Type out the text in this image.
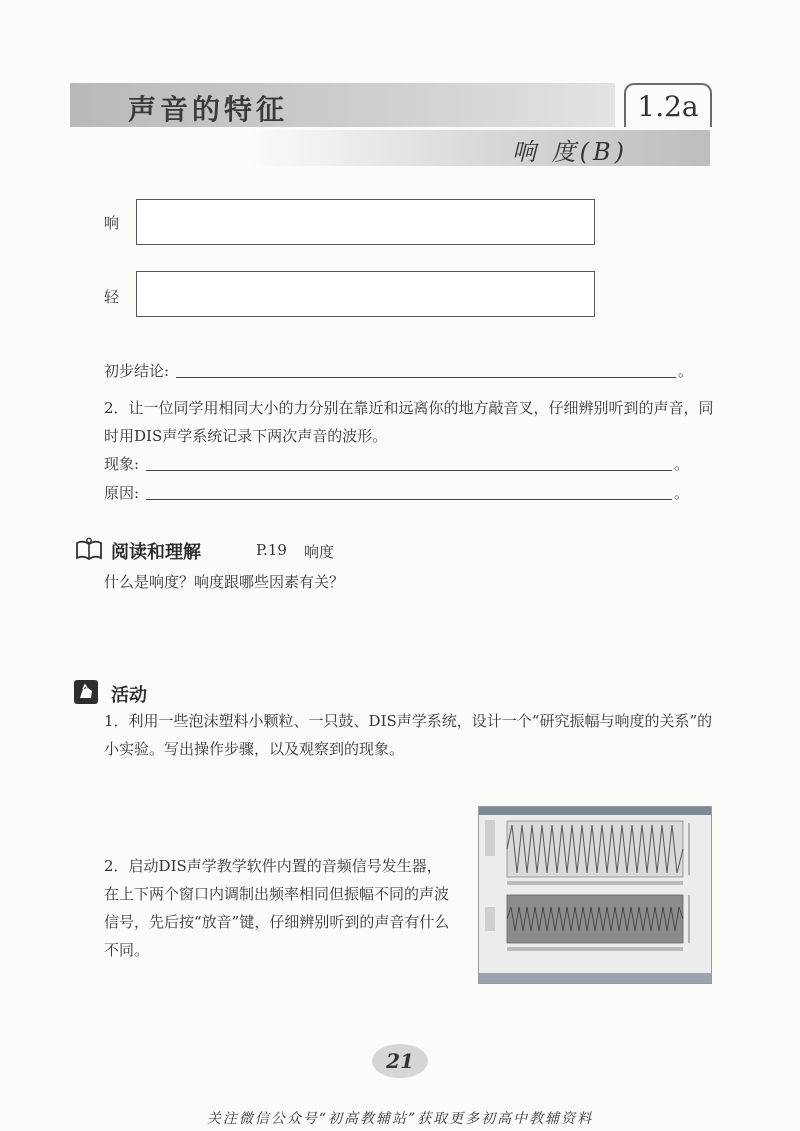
声音的特征	1.2a
响 度(B)
响
轻
初步结论:	。
2．让一位同学用相同大小的力分别在靠近和远离你的地方敲音叉，仔细辨别听到的声音，同时用DIS声学系统记录下两次声音的波形。
现象:	。
原因:	。
阅读和理解	P.19 响度
什么是响度？响度跟哪些因素有关？
活动
1．利用一些泡沫塑料小颗粒、一只鼓、DIS声学系统，设计一个“研究振幅与响度的关系”的小实验。写出操作步骤，以及观察到的现象。
2．启动DIS声学教学软件内置的音频信号发生器，在上下两个窗口内调制出频率相同但振幅不同的声波信号，先后按“放音”键，仔细辨别听到的声音有什么不同。
21
关注微信公众号“初高教辅站”获取更多初高中教辅资料
